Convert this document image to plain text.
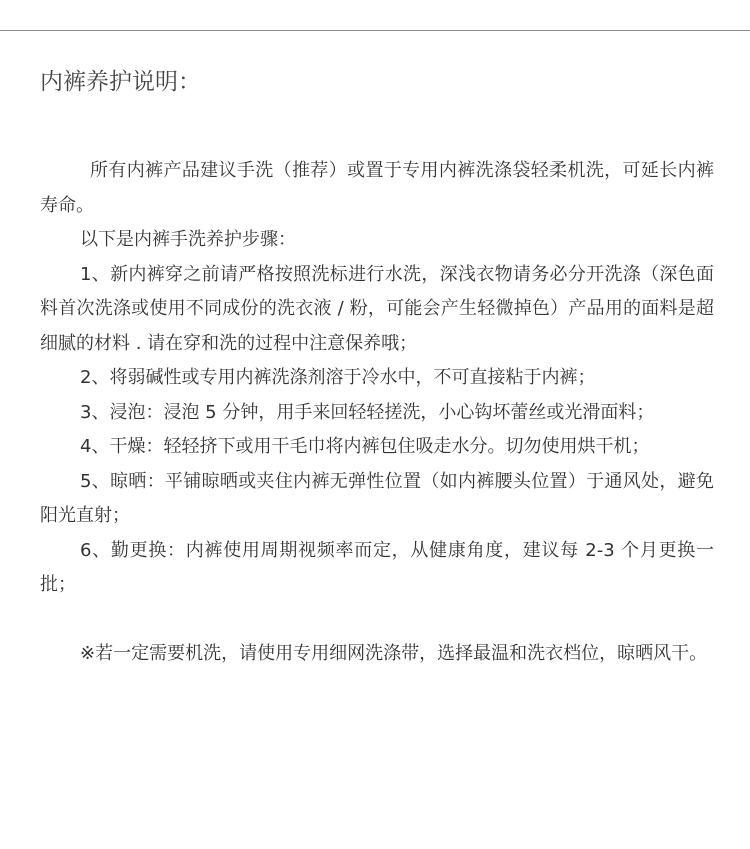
内裤养护说明：

所有内裤产品建议手洗（推荐）或置于专用内裤洗涤袋轻柔机洗，可延长内裤寿命。

以下是内裤手洗养护步骤：

1、新内裤穿之前请严格按照洗标进行水洗，深浅衣物请务必分开洗涤（深色面料首次洗涤或使用不同成份的洗衣液 / 粉，可能会产生轻微掉色）产品用的面料是超细腻的材料 . 请在穿和洗的过程中注意保养哦；

2、将弱碱性或专用内裤洗涤剂溶于冷水中，不可直接粘于内裤；

3、浸泡：浸泡 5 分钟，用手来回轻轻搓洗，小心钩坏蕾丝或光滑面料；

4、干燥：轻轻挤下或用干毛巾将内裤包住吸走水分。切勿使用烘干机；

5、晾晒：平铺晾晒或夹住内裤无弹性位置（如内裤腰头位置）于通风处，避免阳光直射；

6、勤更换：内裤使用周期视频率而定，从健康角度，建议每 2-3 个月更换一批；

※若一定需要机洗，请使用专用细网洗涤带，选择最温和洗衣档位，晾晒风干。
